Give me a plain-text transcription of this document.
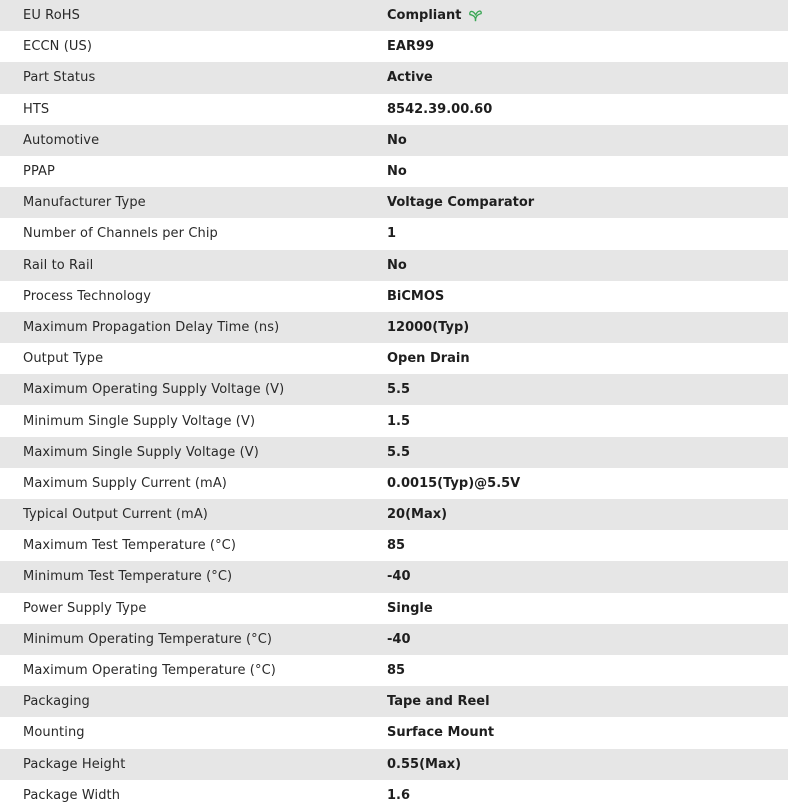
EU RoHS	Compliant
ECCN (US)	EAR99
Part Status	Active
HTS	8542.39.00.60
Automotive	No
PPAP	No
Manufacturer Type	Voltage Comparator
Number of Channels per Chip	1
Rail to Rail	No
Process Technology	BiCMOS
Maximum Propagation Delay Time (ns)	12000(Typ)
Output Type	Open Drain
Maximum Operating Supply Voltage (V)	5.5
Minimum Single Supply Voltage (V)	1.5
Maximum Single Supply Voltage (V)	5.5
Maximum Supply Current (mA)	0.0015(Typ)@5.5V
Typical Output Current (mA)	20(Max)
Maximum Test Temperature (°C)	85
Minimum Test Temperature (°C)	-40
Power Supply Type	Single
Minimum Operating Temperature (°C)	-40
Maximum Operating Temperature (°C)	85
Packaging	Tape and Reel
Mounting	Surface Mount
Package Height	0.55(Max)
Package Width	1.6
